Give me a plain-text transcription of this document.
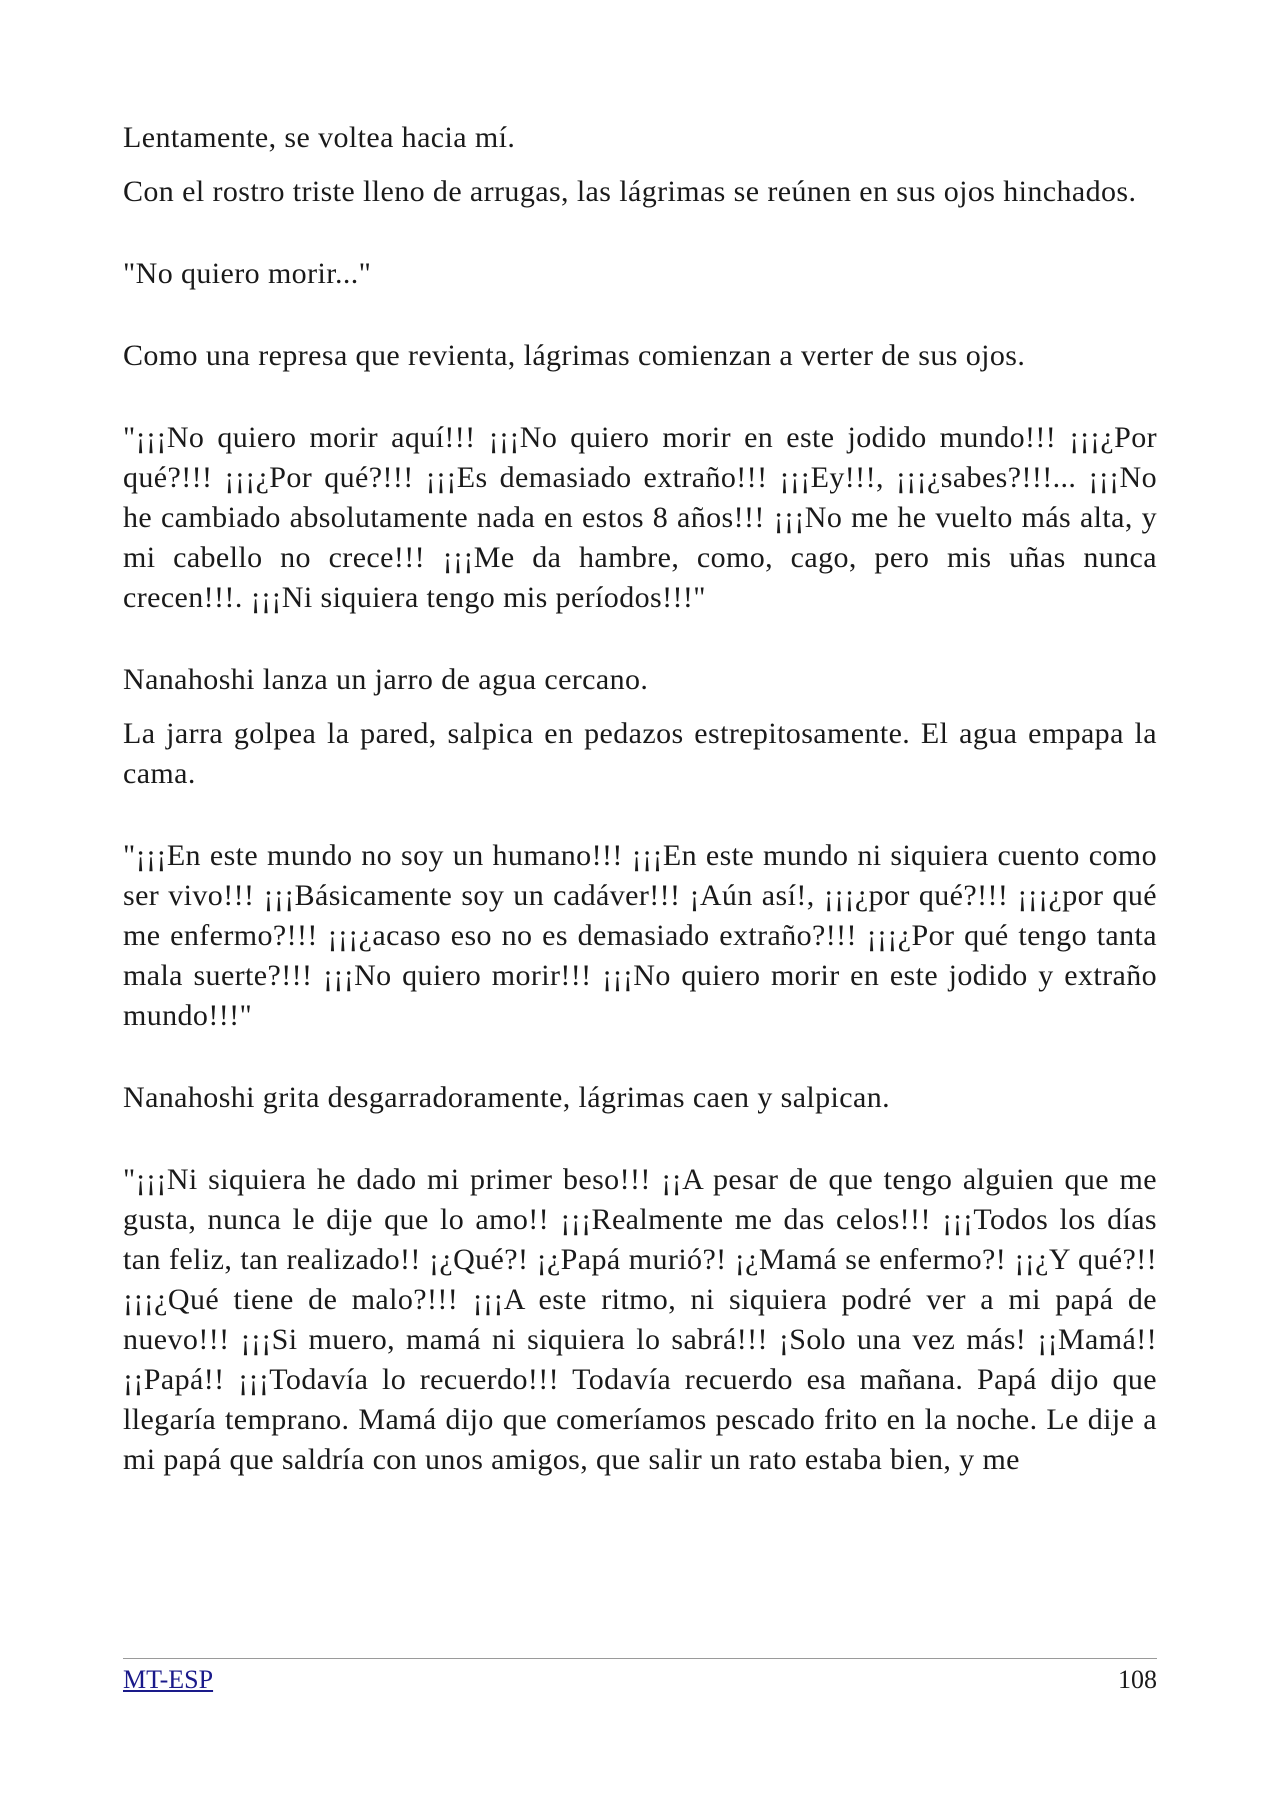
Lentamente, se voltea hacia mí.

Con el rostro triste lleno de arrugas, las lágrimas se reúnen en sus ojos hinchados.

"No quiero morir..."

Como una represa que revienta, lágrimas comienzan a verter de sus ojos.

"¡¡¡No quiero morir aquí!!! ¡¡¡No quiero morir en este jodido mundo!!! ¡¡¡¿Por qué?!!! ¡¡¡¿Por qué?!!! ¡¡¡Es demasiado extraño!!! ¡¡¡Ey!!!, ¡¡¡¿sabes?!!!... ¡¡¡No he cambiado absolutamente nada en estos 8 años!!! ¡¡¡No me he vuelto más alta, y mi cabello no crece!!! ¡¡¡Me da hambre, como, cago, pero mis uñas nunca crecen!!!. ¡¡¡Ni siquiera tengo mis períodos!!!"

Nanahoshi lanza un jarro de agua cercano.

La jarra golpea la pared, salpica en pedazos estrepitosamente. El agua empapa la cama.

"¡¡¡En este mundo no soy un humano!!! ¡¡¡En este mundo ni siquiera cuento como ser vivo!!! ¡¡¡Básicamente soy un cadáver!!! ¡Aún así!, ¡¡¡¿por qué?!!! ¡¡¡¿por qué me enfermo?!!! ¡¡¡¿acaso eso no es demasiado extraño?!!! ¡¡¡¿Por qué tengo tanta mala suerte?!!! ¡¡¡No quiero morir!!! ¡¡¡No quiero morir en este jodido y extraño mundo!!!"

Nanahoshi grita desgarradoramente, lágrimas caen y salpican.

"¡¡¡Ni siquiera he dado mi primer beso!!! ¡¡A pesar de que tengo alguien que me gusta, nunca le dije que lo amo!! ¡¡¡Realmente me das celos!!! ¡¡¡Todos los días tan feliz, tan realizado!! ¡¿Qué?! ¡¿Papá murió?! ¡¿Mamá se enfermo?! ¡¡¿Y qué?!! ¡¡¡¿Qué tiene de malo?!!! ¡¡¡A este ritmo, ni siquiera podré ver a mi papá de nuevo!!! ¡¡¡Si muero, mamá ni siquiera lo sabrá!!! ¡Solo una vez más! ¡¡Mamá!! ¡¡Papá!! ¡¡¡Todavía lo recuerdo!!! Todavía recuerdo esa mañana. Papá dijo que llegaría temprano. Mamá dijo que comeríamos pescado frito en la noche. Le dije a mi papá que saldría con unos amigos, que salir un rato estaba bien, y me

MT-ESP	108
